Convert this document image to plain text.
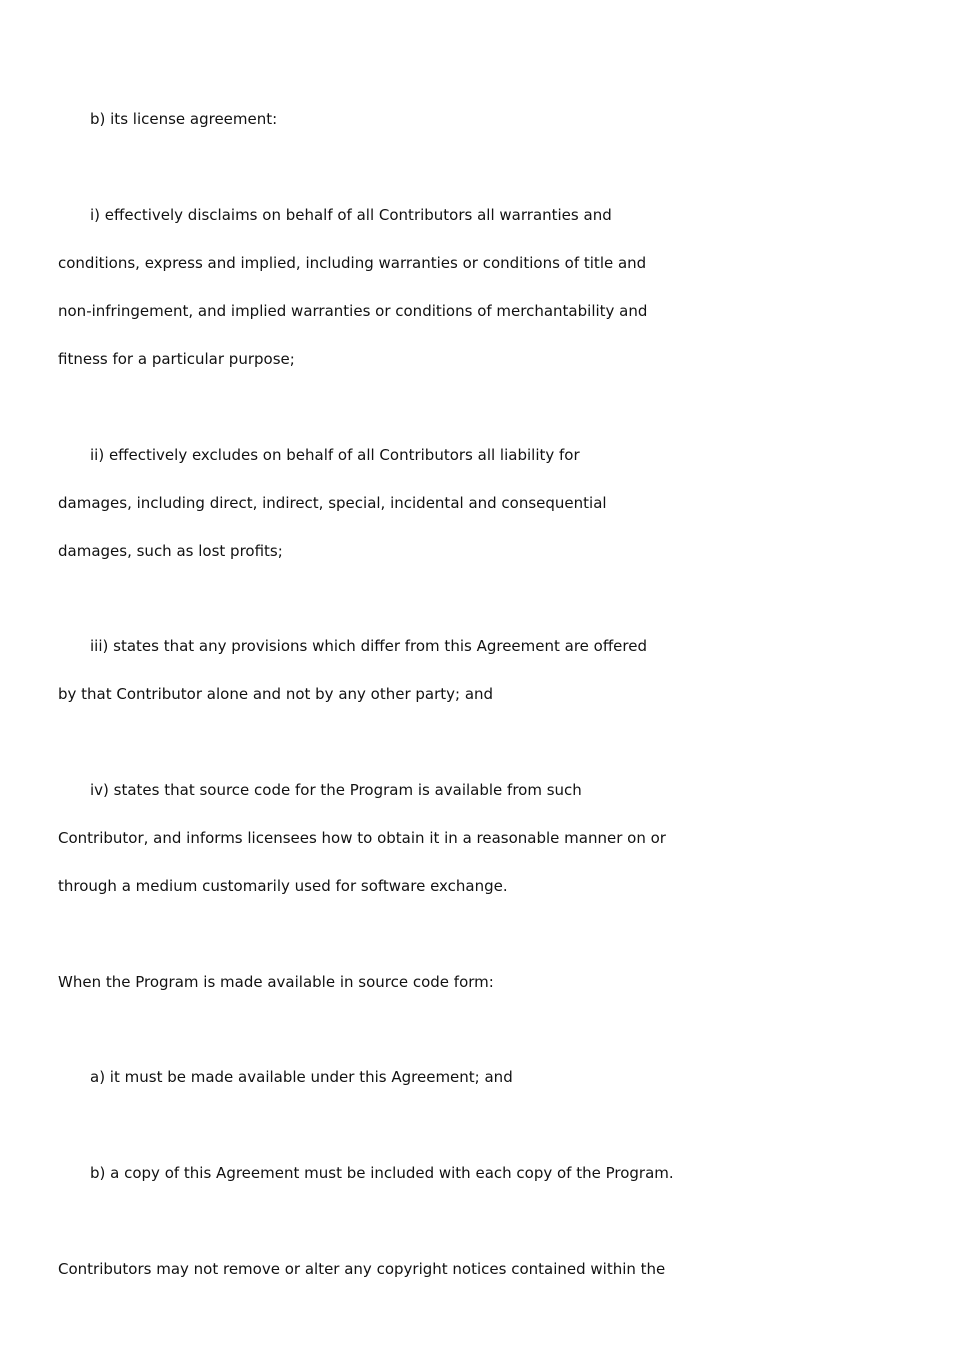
b) its license agreement:

i) effectively disclaims on behalf of all Contributors all warranties and

conditions, express and implied, including warranties or conditions of title and

non-infringement, and implied warranties or conditions of merchantability and

fitness for a particular purpose;

ii) effectively excludes on behalf of all Contributors all liability for

damages, including direct, indirect, special, incidental and consequential

damages, such as lost profits;

iii) states that any provisions which differ from this Agreement are offered

by that Contributor alone and not by any other party; and

iv) states that source code for the Program is available from such

Contributor, and informs licensees how to obtain it in a reasonable manner on or

through a medium customarily used for software exchange.

When the Program is made available in source code form:

a) it must be made available under this Agreement; and

b) a copy of this Agreement must be included with each copy of the Program.

Contributors may not remove or alter any copyright notices contained within the
